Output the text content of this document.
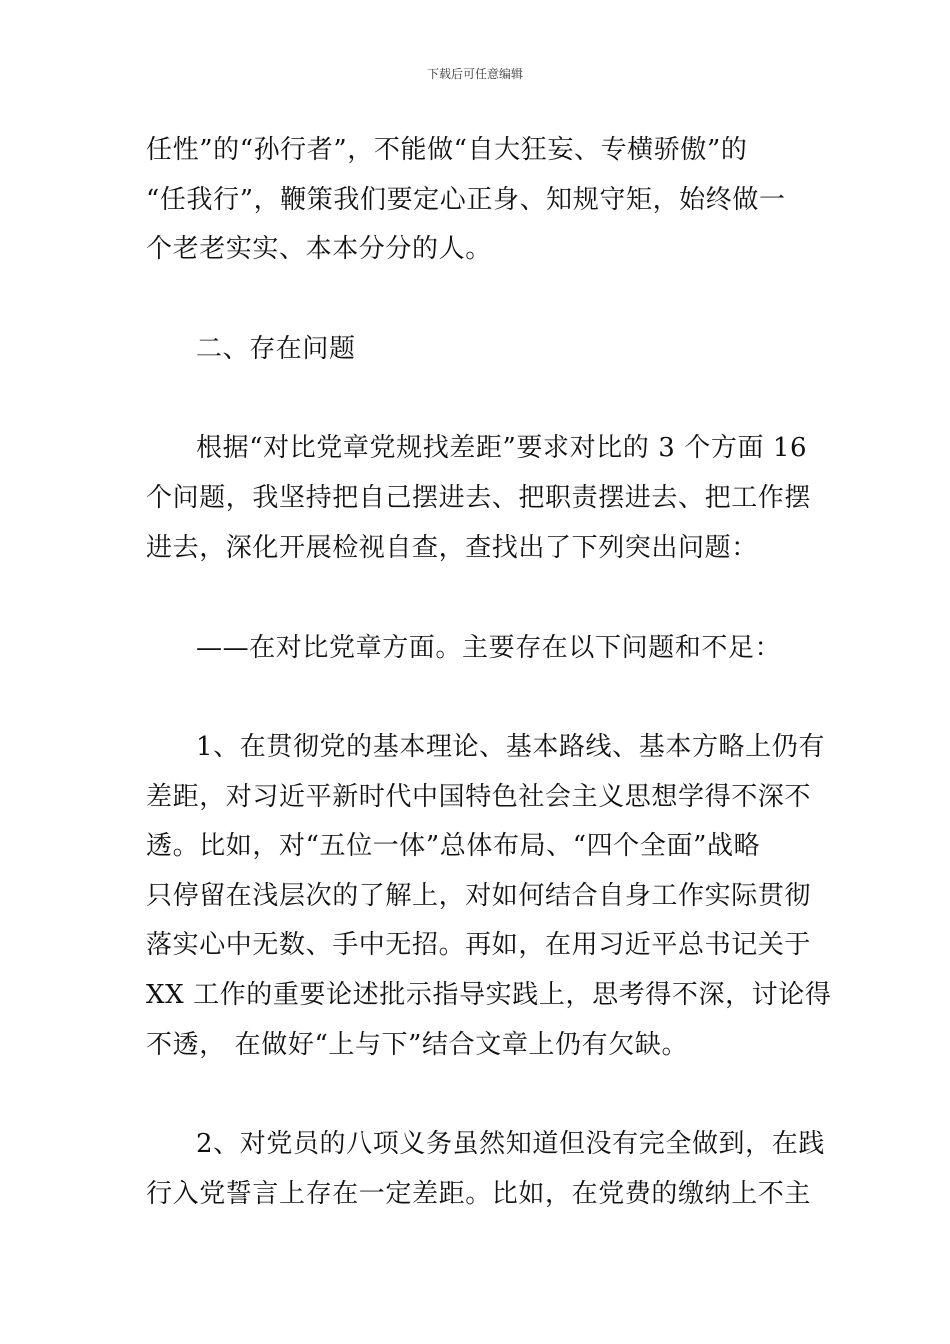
下载后可任意编辑
任性”的“孙行者”，不能做“自大狂妄、专横骄傲”的
“任我行”，鞭策我们要定心正身、知规守矩，始终做一
个老老实实、本本分分的人。
二、存在问题
根据“对比党章党规找差距”要求对比的 3 个方面 16
个问题，我坚持把自己摆进去、把职责摆进去、把工作摆
进去，深化开展检视自查，查找出了下列突出问题：
——在对比党章方面。主要存在以下问题和不足：
1、在贯彻党的基本理论、基本路线、基本方略上仍有
差距，对习近平新时代中国特色社会主义思想学得不深不
透。比如，对“五位一体”总体布局、“四个全面”战略
只停留在浅层次的了解上，对如何结合自身工作实际贯彻
落实心中无数、手中无招。再如，在用习近平总书记关于
XX 工作的重要论述批示指导实践上，思考得不深，讨论得
不透， 在做好“上与下”结合文章上仍有欠缺。
2、对党员的八项义务虽然知道但没有完全做到，在践
行入党誓言上存在一定差距。比如，在党费的缴纳上不主
